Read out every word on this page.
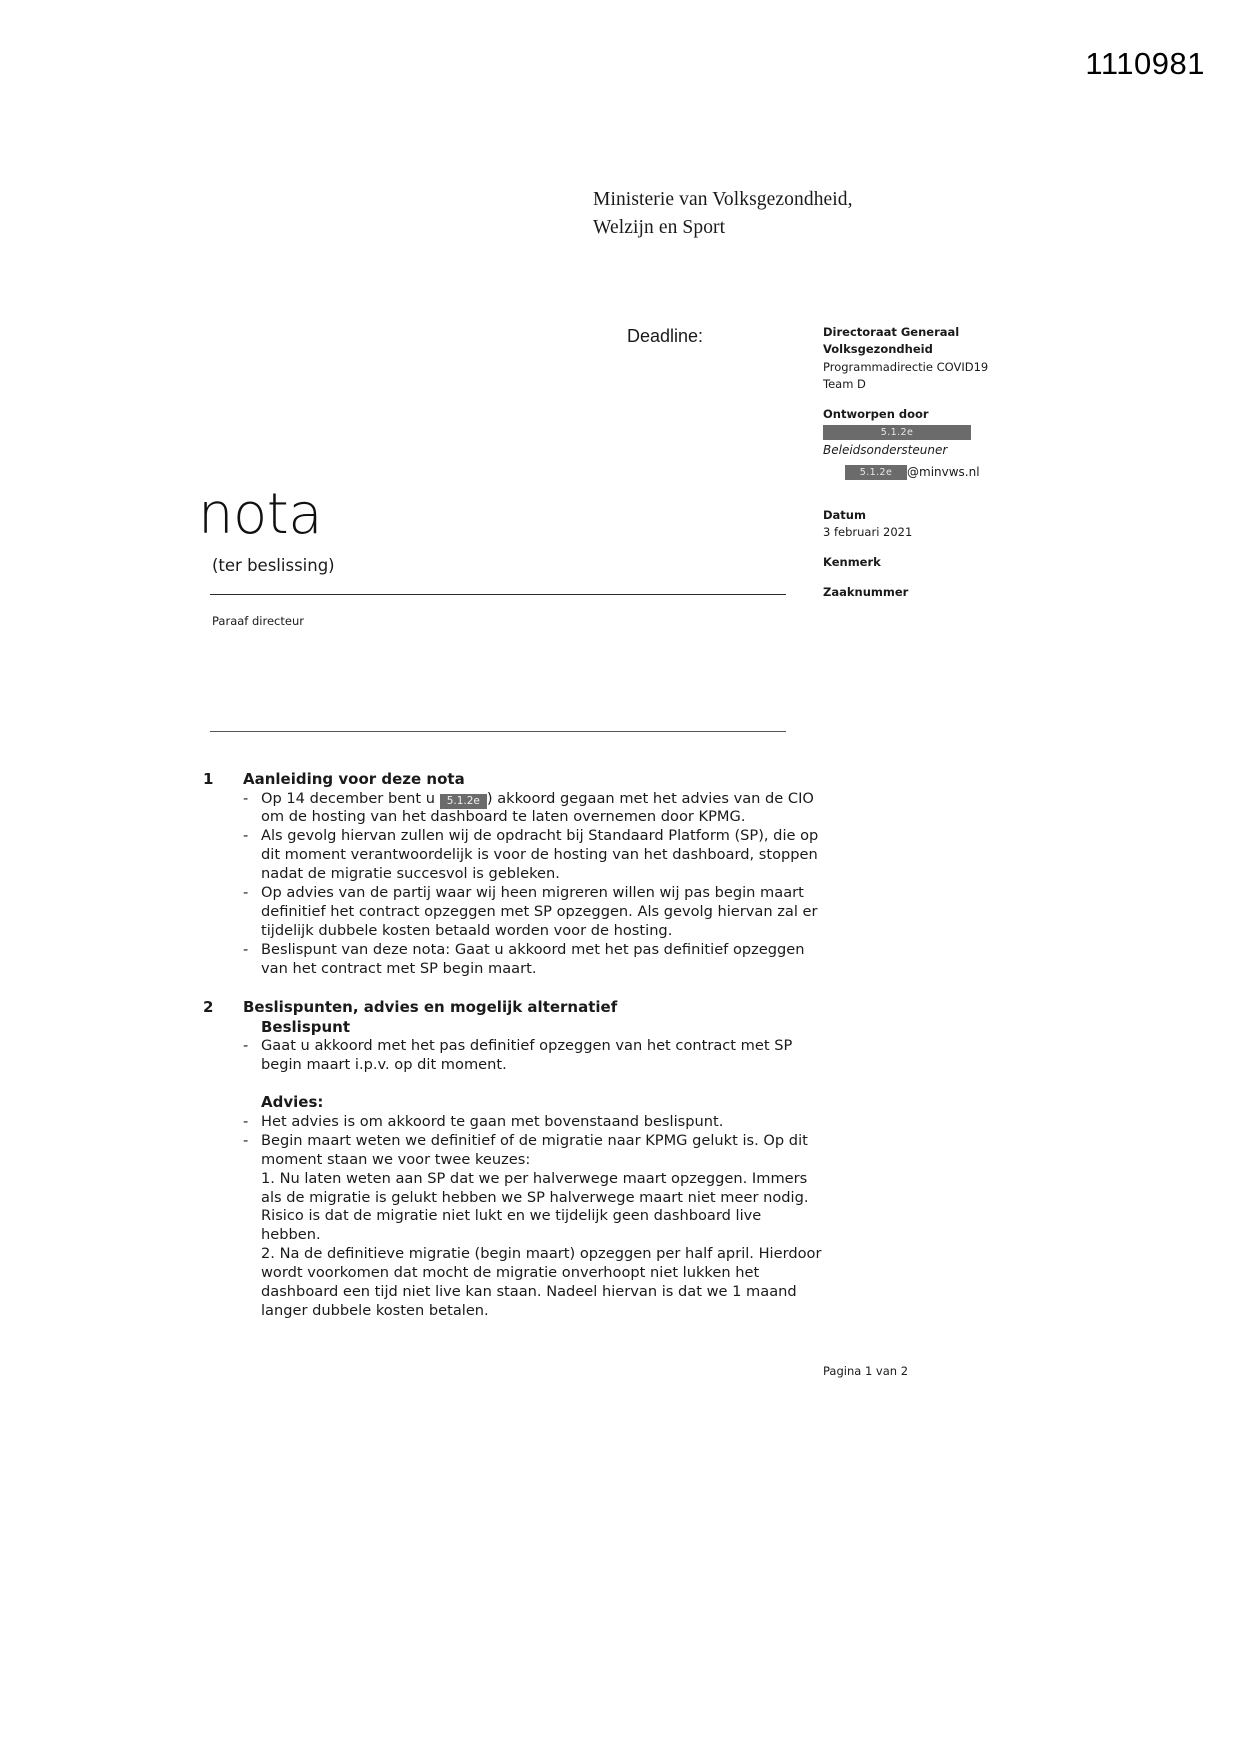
1110981
Ministerie van Volksgezondheid,
Welzijn en Sport
Deadline:	Directoraat Generaal
Volksgezondheid
Programmadirectie COVID19
Team D
Ontworpen door
5.1.2e
Beleidsondersteuner
5.1.2e @minvws.nl
Datum
3 februari 2021
Kenmerk
Zaaknummer
nota
(ter beslissing)
Paraaf directeur
1	Aanleiding voor deze nota
- Op 14 december bent u 5.1.2e ) akkoord gegaan met het advies van de CIO om de hosting van het dashboard te laten overnemen door KPMG.
- Als gevolg hiervan zullen wij de opdracht bij Standaard Platform (SP), die op dit moment verantwoordelijk is voor de hosting van het dashboard, stoppen nadat de migratie succesvol is gebleken.
- Op advies van de partij waar wij heen migreren willen wij pas begin maart definitief het contract opzeggen met SP opzeggen. Als gevolg hiervan zal er tijdelijk dubbele kosten betaald worden voor de hosting.
- Beslispunt van deze nota: Gaat u akkoord met het pas definitief opzeggen van het contract met SP begin maart.
2	Beslispunten, advies en mogelijk alternatief
Beslispunt
- Gaat u akkoord met het pas definitief opzeggen van het contract met SP begin maart i.p.v. op dit moment.
Advies:
- Het advies is om akkoord te gaan met bovenstaand beslispunt.
- Begin maart weten we definitief of de migratie naar KPMG gelukt is. Op dit moment staan we voor twee keuzes:
1. Nu laten weten aan SP dat we per halverwege maart opzeggen. Immers als de migratie is gelukt hebben we SP halverwege maart niet meer nodig. Risico is dat de migratie niet lukt en we tijdelijk geen dashboard live hebben.
2. Na de definitieve migratie (begin maart) opzeggen per half april. Hierdoor wordt voorkomen dat mocht de migratie onverhoopt niet lukken het dashboard een tijd niet live kan staan. Nadeel hiervan is dat we 1 maand langer dubbele kosten betalen.
Pagina 1 van 2
